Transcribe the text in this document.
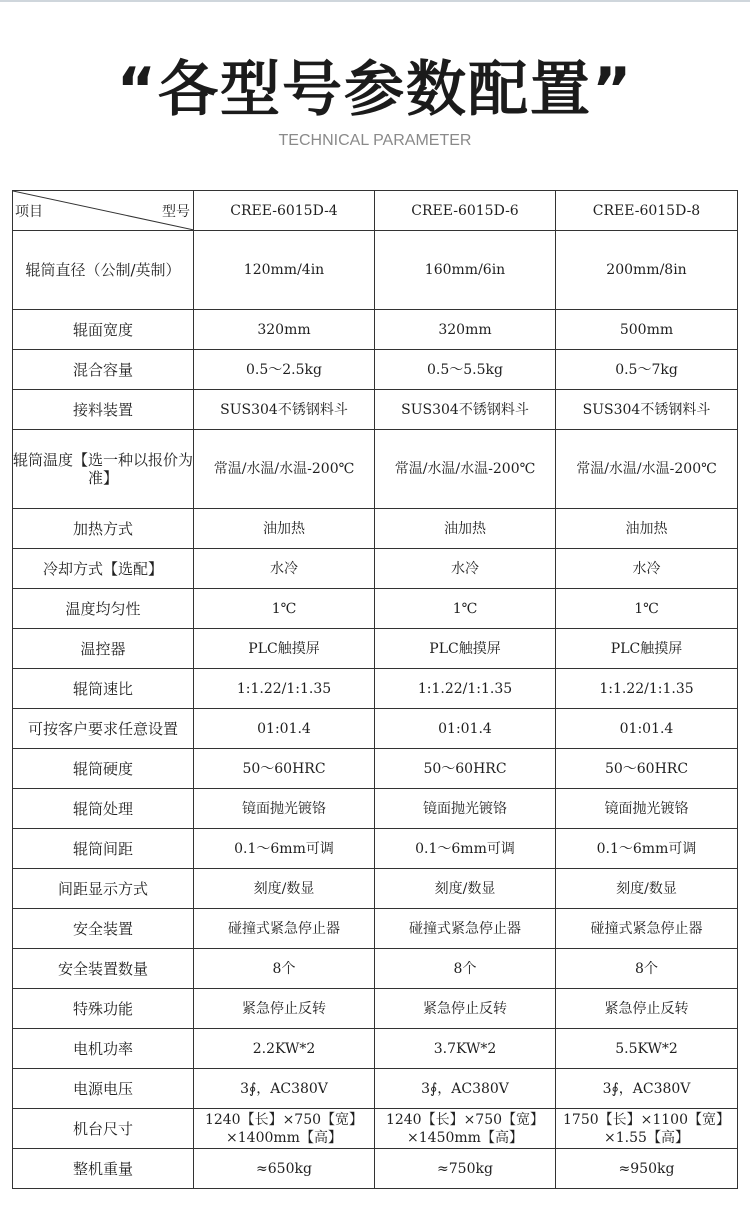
“各型号参数配置”
TECHNICAL PARAMETER
项目 型号	CREE-6015D-4	CREE-6015D-6	CREE-6015D-8
辊筒直径（公制/英制）	120mm/4in	160mm/6in	200mm/8in
辊面宽度	320mm	320mm	500mm
混合容量	0.5～2.5kg	0.5～5.5kg	0.5～7kg
接料装置	SUS304不锈钢料斗	SUS304不锈钢料斗	SUS304不锈钢料斗
辊筒温度【选一种以报价为准】	常温/水温/水温-200℃	常温/水温/水温-200℃	常温/水温/水温-200℃
加热方式	油加热	油加热	油加热
冷却方式【选配】	水冷	水冷	水冷
温度均匀性	1℃	1℃	1℃
温控器	PLC触摸屏	PLC触摸屏	PLC触摸屏
辊筒速比	1:1.22/1:1.35	1:1.22/1:1.35	1:1.22/1:1.35
可按客户要求任意设置	01:01.4	01:01.4	01:01.4
辊筒硬度	50～60HRC	50～60HRC	50～60HRC
辊筒处理	镜面抛光镀铬	镜面抛光镀铬	镜面抛光镀铬
辊筒间距	0.1～6mm可调	0.1～6mm可调	0.1～6mm可调
间距显示方式	刻度/数显	刻度/数显	刻度/数显
安全装置	碰撞式紧急停止器	碰撞式紧急停止器	碰撞式紧急停止器
安全装置数量	8个	8个	8个
特殊功能	紧急停止反转	紧急停止反转	紧急停止反转
电机功率	2.2KW*2	3.7KW*2	5.5KW*2
电源电压	3∮，AC380V	3∮，AC380V	3∮，AC380V
机台尺寸	1240【长】×750【宽】×1400mm【高】	1240【长】×750【宽】×1450mm【高】	1750【长】×1100【宽】×1.55【高】
整机重量	≈650kg	≈750kg	≈950kg
